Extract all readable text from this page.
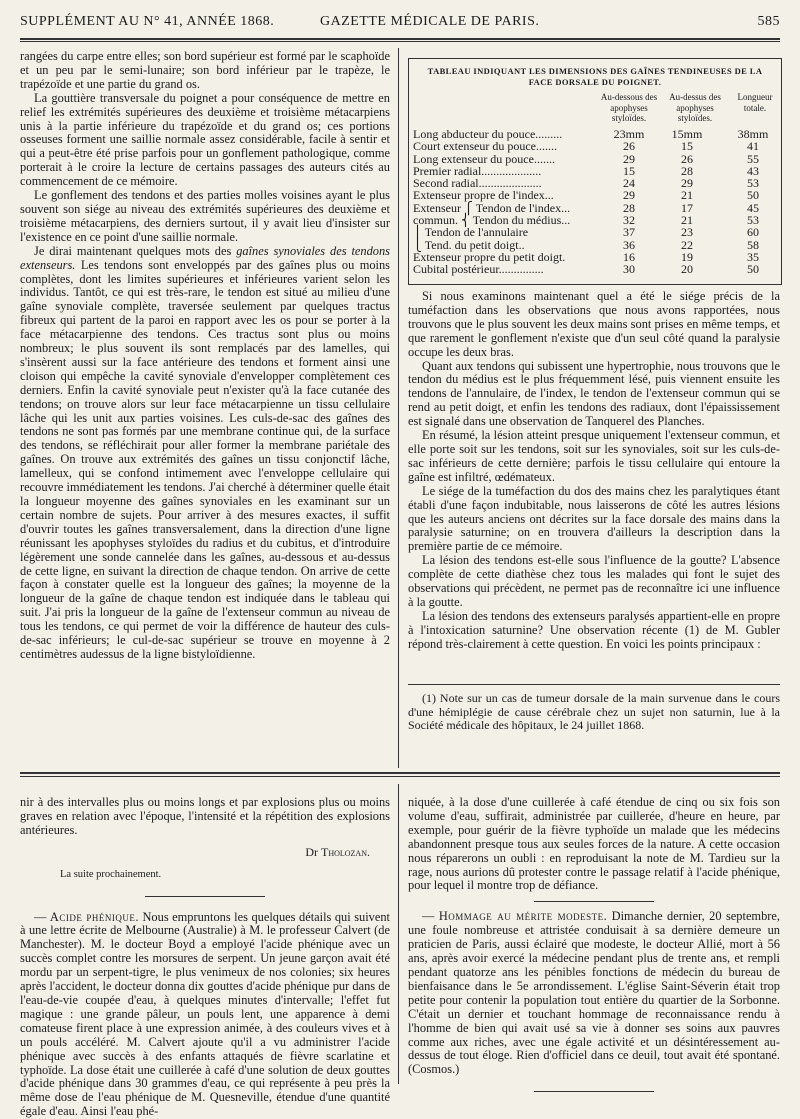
SUPPLÉMENT AU N° 41, ANNÉE 1868.	GAZETTE MÉDICALE DE PARIS.	585

rangées du carpe entre elles; son bord supérieur est formé par le scaphoïde et un peu par le semi-lunaire; son bord inférieur par le trapèze, le trapézoïde et une partie du grand os.

La gouttière transversale du poignet a pour conséquence de mettre en relief les extrémités supérieures des deuxième et troisième métacarpiens unis à la partie inférieure du trapézoïde et du grand os; ces portions osseuses forment une saillie normale assez considérable, facile à sentir et qui a peut-être été prise parfois pour un gonflement pathologique, comme porterait à le croire la lecture de certains passages des auteurs cités au commencement de ce mémoire.

Le gonflement des tendons et des parties molles voisines ayant le plus souvent son siége au niveau des extrémités supérieures des deuxième et troisième métacarpiens, des derniers surtout, il y avait lieu d'insister sur l'existence en ce point d'une saillie normale.

Je dirai maintenant quelques mots des gaînes synoviales des tendons extenseurs. Les tendons sont enveloppés par des gaînes plus ou moins complètes, dont les limites supérieures et inférieures varient selon les individus. Tantôt, ce qui est très-rare, le tendon est situé au milieu d'une gaîne synoviale complète, traversée seulement par quelques tractus fibreux qui partent de la paroi en rapport avec les os pour se porter à la face métacarpienne des tendons. Ces tractus sont plus ou moins nombreux; le plus souvent ils sont remplacés par des lamelles, qui s'insèrent aussi sur la face antérieure des tendons et forment ainsi une cloison qui empêche la cavité synoviale d'envelopper complètement ces derniers. Enfin la cavité synoviale peut n'exister qu'à la face cutanée des tendons; on trouve alors sur leur face métacarpienne un tissu cellulaire lâche qui les unit aux parties voisines. Les culs-de-sac des gaînes des tendons ne sont pas formés par une membrane continue qui, de la surface des tendons, se réfléchirait pour aller former la membrane pariétale des gaînes. On trouve aux extrémités des gaînes un tissu conjonctif lâche, lamelleux, qui se confond intimement avec l'enveloppe cellulaire qui recouvre immédiatement les tendons. J'ai cherché à déterminer quelle était la longueur moyenne des gaînes synoviales en les examinant sur un certain nombre de sujets. Pour arriver à des mesures exactes, il suffit d'ouvrir toutes les gaînes transversalement, dans la direction d'une ligne réunissant les apophyses styloïdes du radius et du cubitus, et d'introduire légèrement une sonde cannelée dans les gaînes, au-dessous et au-dessus de cette ligne, en suivant la direction de chaque tendon. On arrive de cette façon à constater quelle est la longueur des gaînes; la moyenne de la longueur de la gaîne de chaque tendon est indiquée dans le tableau qui suit. J'ai pris la longueur de la gaîne de l'extenseur commun au niveau de tous les tendons, ce qui permet de voir la différence de hauteur des culs-de-sac inférieurs; le cul-de-sac supérieur se trouve en moyenne à 2 centimètres audessus de la ligne bistyloïdienne.

TABLEAU INDIQUANT LES DIMENSIONS DES GAÎNES TENDINEUSES DE LA FACE DORSALE DU POIGNET.
Au-dessous des apophyses styloïdes.
Au-dessus des apophyses styloïdes.
Longueur totale.
Long abducteur du pouce.........	23mm	15mm	38mm
Court extenseur du pouce.......	26	15	41
Long extenseur du pouce.......	29	26	55
Premier radial....................	15	28	43
Second radial.....................	24	29	53
Extenseur propre de l'index...	29	21	50
Extenseur ⎧ Tendon de l'index...	28	17	45
commun. ⎨ Tendon du médius...	32	21	53
⎪ Tendon de l'annulaire	37	23	60
⎩ Tend. du petit doigt..	36	22	58
Extenseur propre du petit doigt.	16	19	35
Cubital postérieur...............	30	20	50

Si nous examinons maintenant quel a été le siége précis de la tuméfaction dans les observations que nous avons rapportées, nous trouvons que le plus souvent les deux mains sont prises en même temps, et que rarement le gonflement n'existe que d'un seul côté quand la paralysie occupe les deux bras.

Quant aux tendons qui subissent une hypertrophie, nous trouvons que le tendon du médius est le plus fréquemment lésé, puis viennent ensuite les tendons de l'annulaire, de l'index, le tendon de l'extenseur commun qui se rend au petit doigt, et enfin les tendons des radiaux, dont l'épaississement est signalé dans une observation de Tanquerel des Planches.

En résumé, la lésion atteint presque uniquement l'extenseur commun, et elle porte soit sur les tendons, soit sur les synoviales, soit sur les culs-de-sac inférieurs de cette dernière; parfois le tissu cellulaire qui entoure la gaîne est infiltré, œdémateux.

Le siége de la tuméfaction du dos des mains chez les paralytiques étant établi d'une façon indubitable, nous laisserons de côté les autres lésions que les auteurs anciens ont décrites sur la face dorsale des mains dans la paralysie saturnine; on en trouvera d'ailleurs la description dans la première partie de ce mémoire.

La lésion des tendons est-elle sous l'influence de la goutte? L'absence complète de cette diathèse chez tous les malades qui font le sujet des observations qui précèdent, ne permet pas de reconnaître ici une influence à la goutte.

La lésion des tendons des extenseurs paralysés appartient-elle en propre à l'intoxication saturnine? Une observation récente (1) de M. Gubler répond très-clairement à cette question. En voici les points principaux :

(1) Note sur un cas de tumeur dorsale de la main survenue dans le cours d'une hémiplégie de cause cérébrale chez un sujet non saturnin, lue à la Société médicale des hôpitaux, le 24 juillet 1868.

nir à des intervalles plus ou moins longs et par explosions plus ou moins graves en relation avec l'époque, l'intensité et la répétition des explosions antérieures.

Dr Tholozan.
La suite prochainement.

— Acide phénique. Nous empruntons les quelques détails qui suivent à une lettre écrite de Melbourne (Australie) à M. le professeur Calvert (de Manchester). M. le docteur Boyd a employé l'acide phénique avec un succès complet contre les morsures de serpent. Un jeune garçon avait été mordu par un serpent-tigre, le plus venimeux de nos colonies; six heures après l'accident, le docteur donna dix gouttes d'acide phénique pur dans de l'eau-de-vie coupée d'eau, à quelques minutes d'intervalle; l'effet fut magique : une grande pâleur, un pouls lent, une apparence à demi comateuse firent place à une expression animée, à des couleurs vives et à un pouls accéléré. M. Calvert ajoute qu'il a vu administrer l'acide phénique avec succès à des enfants attaqués de fièvre scarlatine et typhoïde. La dose était une cuillerée à café d'une solution de deux gouttes d'acide phénique dans 30 grammes d'eau, ce qui représente à peu près la même dose de l'eau phénique de M. Quesneville, étendue d'une quantité égale d'eau. Ainsi l'eau phé-

niquée, à la dose d'une cuillerée à café étendue de cinq ou six fois son volume d'eau, suffirait, administrée par cuillerée, d'heure en heure, par exemple, pour guérir de la fièvre typhoïde un malade que les médecins abandonnent presque tous aux seules forces de la nature. A cette occasion nous réparerons un oubli : en reproduisant la note de M. Tardieu sur la rage, nous aurions dû protester contre le passage relatif à l'acide phénique, pour lequel il montre trop de défiance.

— Hommage au mérite modeste. Dimanche dernier, 20 septembre, une foule nombreuse et attristée conduisait à sa dernière demeure un praticien de Paris, aussi éclairé que modeste, le docteur Allié, mort à 56 ans, après avoir exercé la médecine pendant plus de trente ans, et rempli pendant quatorze ans les pénibles fonctions de médecin du bureau de bienfaisance dans le 5e arrondissement. L'église Saint-Séverin était trop petite pour contenir la population tout entière du quartier de la Sorbonne. C'était un dernier et touchant hommage de reconnaissance rendu à l'homme de bien qui avait usé sa vie à donner ses soins aux pauvres comme aux riches, avec une égale activité et un désintéressement au-dessus de tout éloge. Rien d'officiel dans ce deuil, tout avait été spontané. (Cosmos.)
